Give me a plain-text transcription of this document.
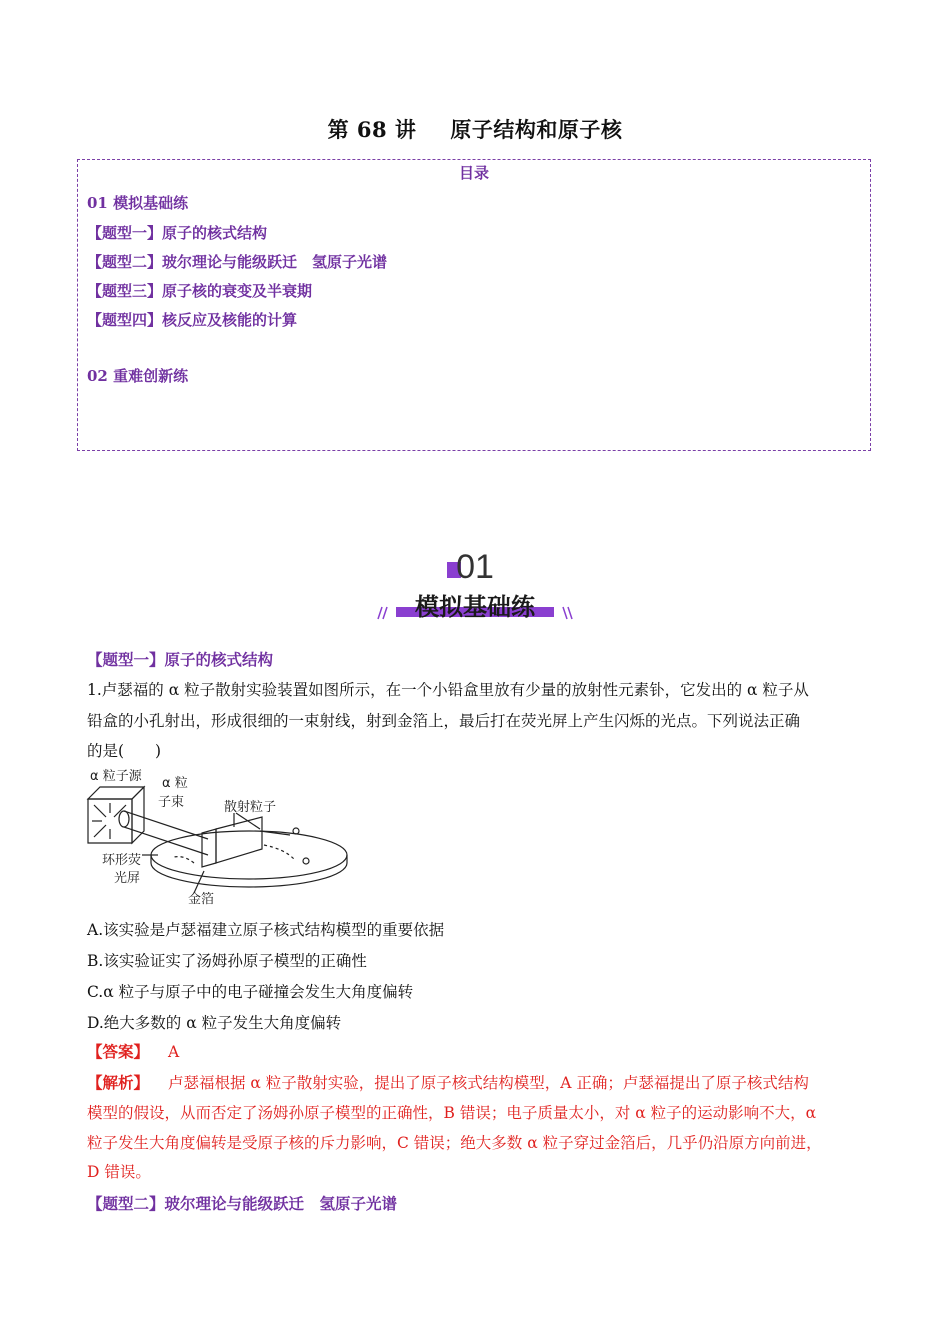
第 68 讲 原子结构和原子核
目录
01 模拟基础练
【题型一】原子的核式结构
【题型二】玻尔理论与能级跃迁　氢原子光谱
【题型三】原子核的衰变及半衰期
【题型四】核反应及核能的计算
02 重难创新练
01
模拟基础练
【题型一】原子的核式结构
1.卢瑟福的 α 粒子散射实验装置如图所示，在一个小铅盒里放有少量的放射性元素钋，它发出的 α 粒子从
铅盒的小孔射出，形成很细的一束射线，射到金箔上，最后打在荧光屏上产生闪烁的光点。下列说法正确
的是(　　)
α 粒子源 α 粒
子束	散射粒子
环形荧
光屏
金箔
A.该实验是卢瑟福建立原子核式结构模型的重要依据
B.该实验证实了汤姆孙原子模型的正确性
C.α 粒子与原子中的电子碰撞会发生大角度偏转
D.绝大多数的 α 粒子发生大角度偏转
【答案】 A
【解析】 卢瑟福根据 α 粒子散射实验，提出了原子核式结构模型，A 正确；卢瑟福提出了原子核式结构
模型的假设，从而否定了汤姆孙原子模型的正确性，B 错误；电子质量太小，对 α 粒子的运动影响不大，α
粒子发生大角度偏转是受原子核的斥力影响，C 错误；绝大多数 α 粒子穿过金箔后，几乎仍沿原方向前进，
D 错误。
【题型二】玻尔理论与能级跃迁　氢原子光谱
